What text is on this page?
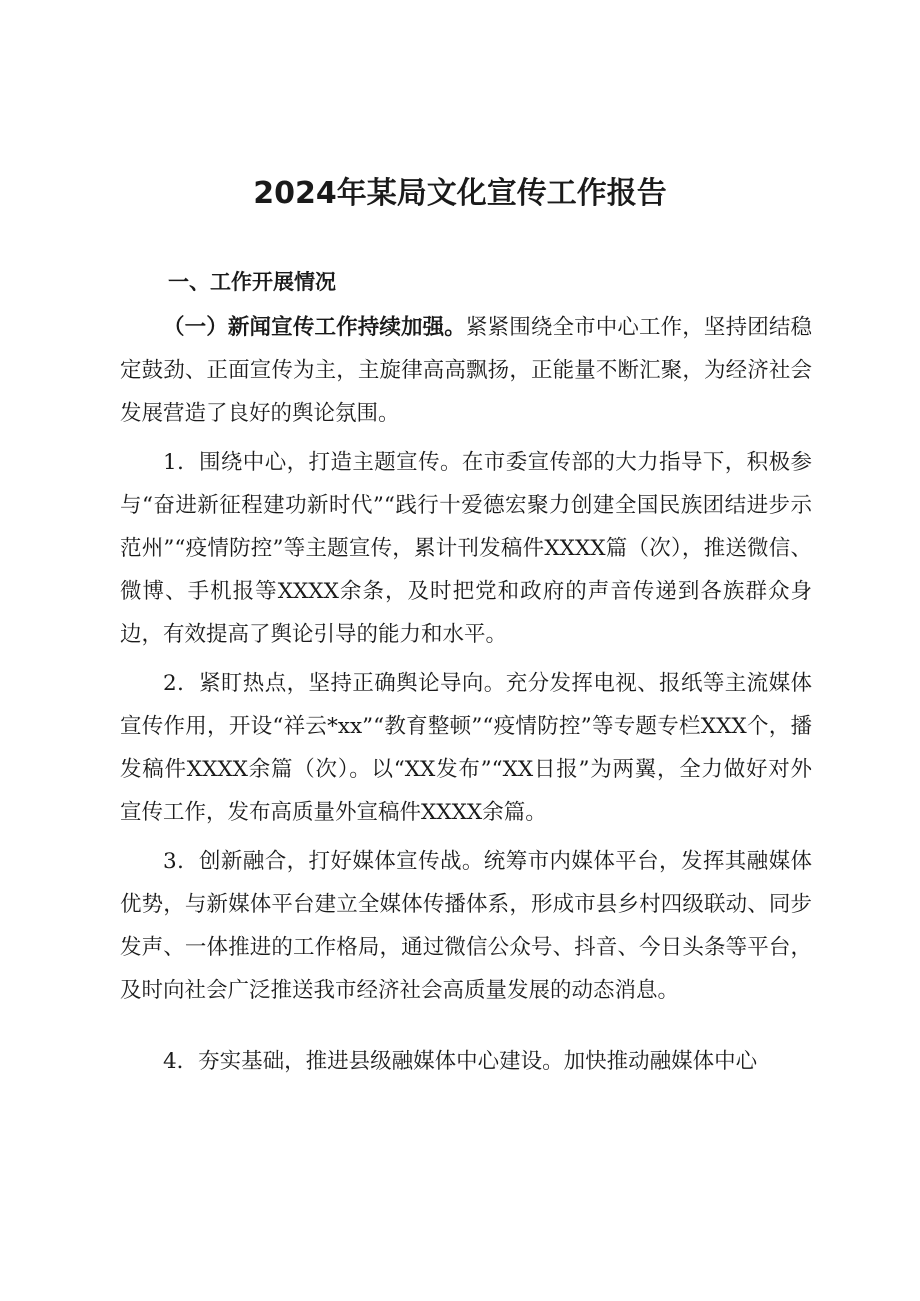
2024年某局文化宣传工作报告
一、工作开展情况

（一）新闻宣传工作持续加强。紧紧围绕全市中心工作，坚持团结稳定鼓劲、正面宣传为主，主旋律高高飘扬，正能量不断汇聚，为经济社会发展营造了良好的舆论氛围。

1．围绕中心，打造主题宣传。在市委宣传部的大力指导下，积极参与“奋进新征程建功新时代”“践行十爱德宏聚力创建全国民族团结进步示范州”“疫情防控”等主题宣传，累计刊发稿件XXXX篇（次），推送微信、微博、手机报等XXXX余条，及时把党和政府的声音传递到各族群众身边，有效提高了舆论引导的能力和水平。

2．紧盯热点，坚持正确舆论导向。充分发挥电视、报纸等主流媒体宣传作用，开设“祥云*xx”“教育整顿”“疫情防控”等专题专栏XXX个，播发稿件XXXX余篇（次）。以“XX发布”“XX日报”为两翼，全力做好对外宣传工作，发布高质量外宣稿件XXXX余篇。

3．创新融合，打好媒体宣传战。统筹市内媒体平台，发挥其融媒体优势，与新媒体平台建立全媒体传播体系，形成市县乡村四级联动、同步发声、一体推进的工作格局，通过微信公众号、抖音、今日头条等平台，及时向社会广泛推送我市经济社会高质量发展的动态消息。

4．夯实基础，推进县级融媒体中心建设。加快推动融媒体中心
